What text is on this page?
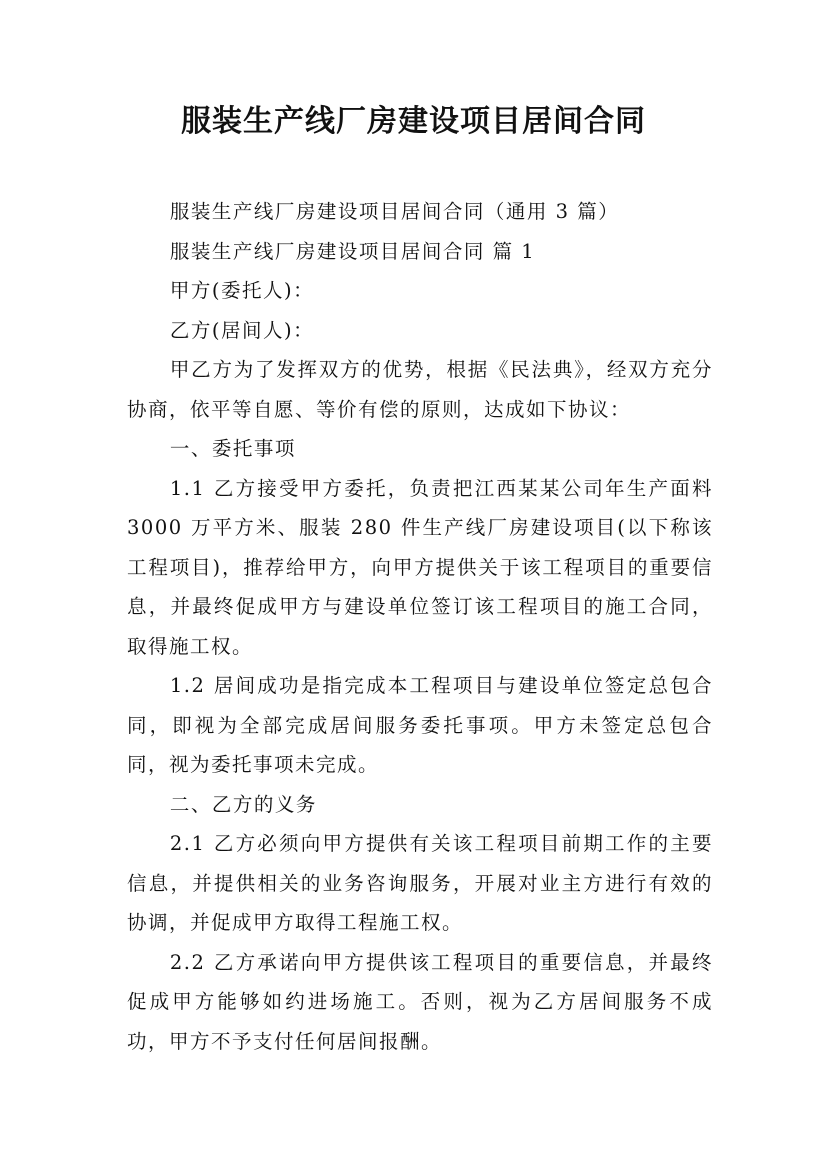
服装生产线厂房建设项目居间合同

服装生产线厂房建设项目居间合同（通用 3 篇）

服装生产线厂房建设项目居间合同 篇 1

甲方(委托人)：

乙方(居间人)：

甲乙方为了发挥双方的优势，根据《民法典》，经双方充分协商，依平等自愿、等价有偿的原则，达成如下协议：

一、委托事项

1.1 乙方接受甲方委托，负责把江西某某公司年生产面料 3000 万平方米、服装 280 件生产线厂房建设项目(以下称该工程项目)，推荐给甲方，向甲方提供关于该工程项目的重要信息，并最终促成甲方与建设单位签订该工程项目的施工合同，取得施工权。

1.2 居间成功是指完成本工程项目与建设单位签定总包合同，即视为全部完成居间服务委托事项。甲方未签定总包合同，视为委托事项未完成。

二、乙方的义务

2.1 乙方必须向甲方提供有关该工程项目前期工作的主要信息，并提供相关的业务咨询服务，开展对业主方进行有效的协调，并促成甲方取得工程施工权。

2.2 乙方承诺向甲方提供该工程项目的重要信息，并最终促成甲方能够如约进场施工。否则，视为乙方居间服务不成功，甲方不予支付任何居间报酬。
